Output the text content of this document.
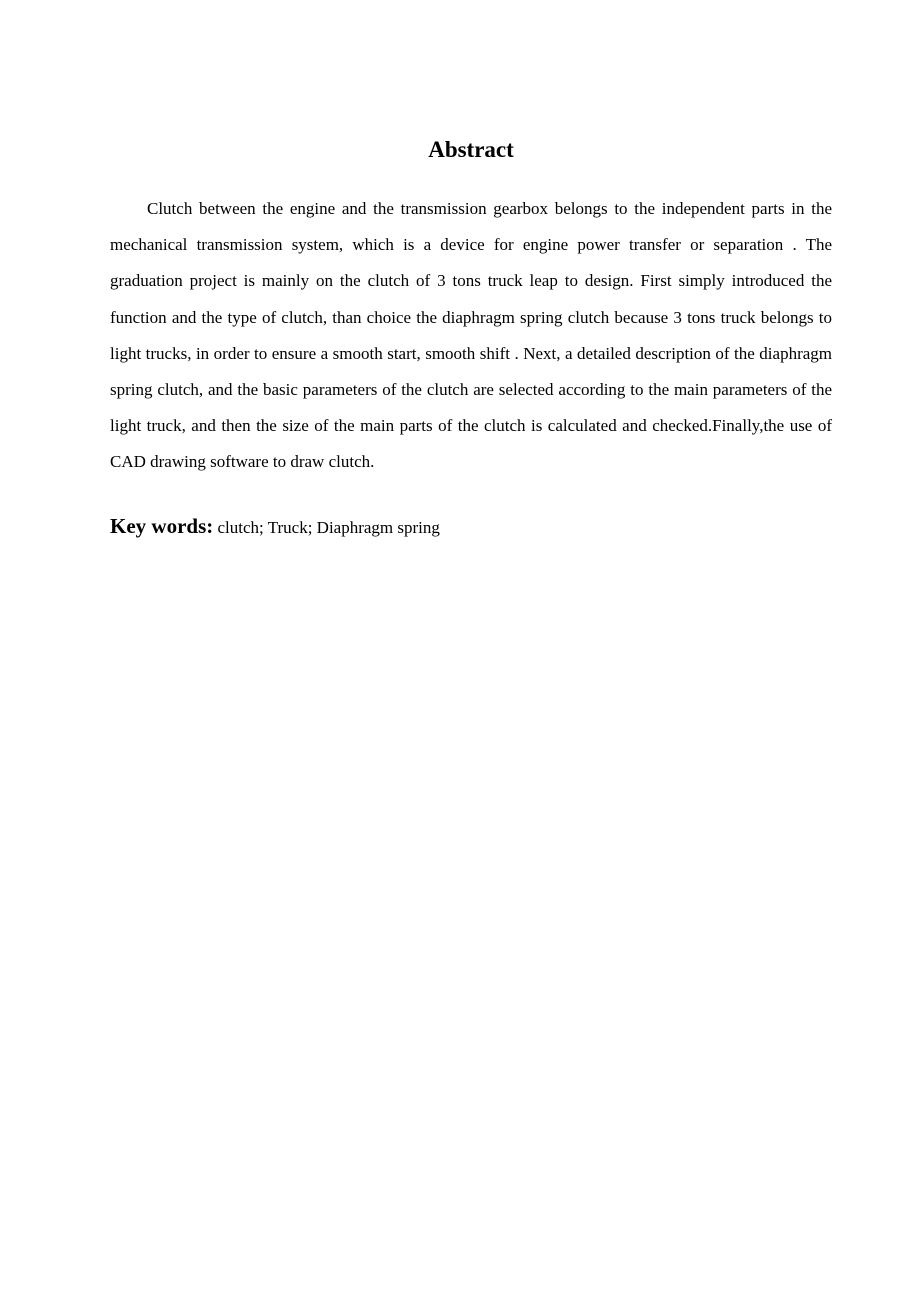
Abstract

Clutch between the engine and the transmission gearbox belongs to the independent parts in the mechanical transmission system, which is a device for engine power transfer or separation . The graduation project is mainly on the clutch of 3 tons truck leap to design. First simply introduced the function and the type of clutch, than choice the diaphragm spring clutch because 3 tons truck belongs to light trucks, in order to ensure a smooth start, smooth shift . Next, a detailed description of the diaphragm spring clutch, and the basic parameters of the clutch are selected according to the main parameters of the light truck, and then the size of the main parts of the clutch is calculated and checked.Finally,the use of CAD drawing software to draw clutch.

Key words: clutch; Truck; Diaphragm spring
